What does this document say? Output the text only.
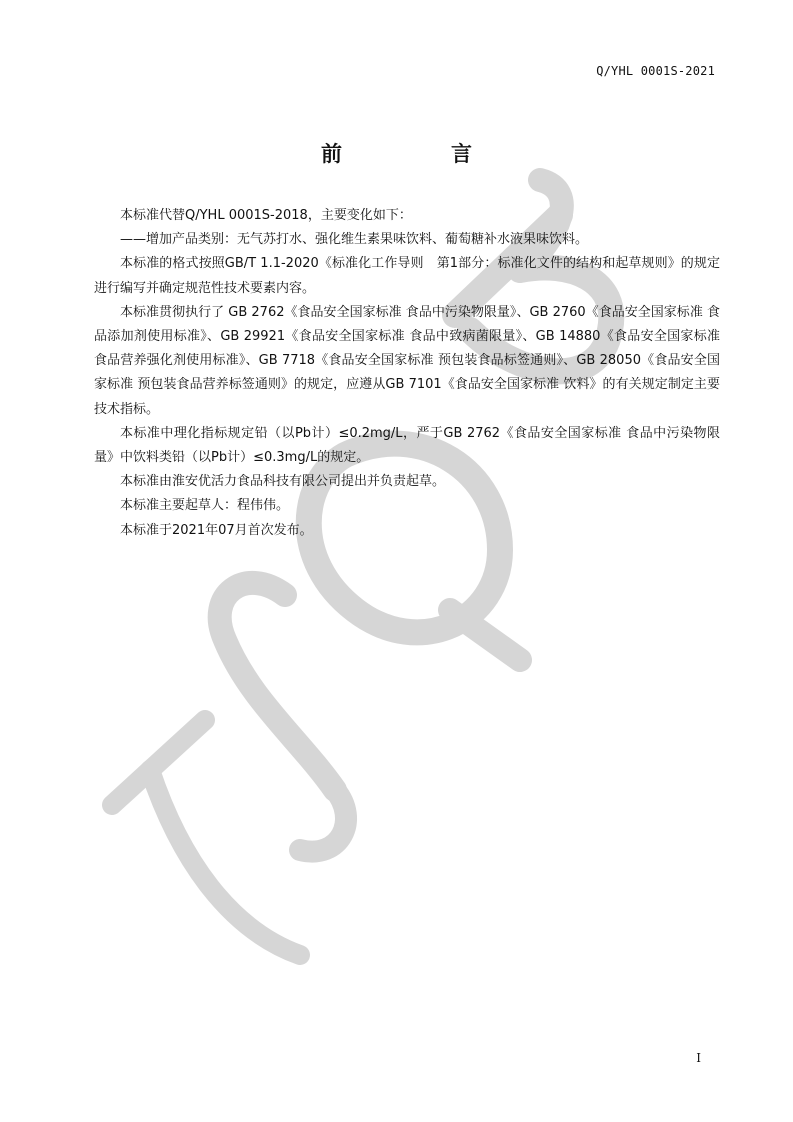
Q/YHL 0001S-2021
前　言

本标准代替Q/YHL 0001S-2018，主要变化如下：

——增加产品类别：无气苏打水、强化维生素果味饮料、葡萄糖补水液果味饮料。

本标准的格式按照GB/T 1.1-2020《标准化工作导则　第1部分：标准化文件的结构和起草规则》的规定进行编写并确定规范性技术要素内容。

本标准贯彻执行了 GB 2762《食品安全国家标准 食品中污染物限量》、GB 2760《食品安全国家标准 食品添加剂使用标准》、GB 29921《食品安全国家标准 食品中致病菌限量》、GB 14880《食品安全国家标准 食品营养强化剂使用标准》、GB 7718《食品安全国家标准 预包装食品标签通则》、GB 28050《食品安全国家标准 预包装食品营养标签通则》的规定，应遵从GB 7101《食品安全国家标准 饮料》的有关规定制定主要技术指标。

本标准中理化指标规定铅（以Pb计）≤0.2mg/L，严于GB 2762《食品安全国家标准 食品中污染物限量》中饮料类铅（以Pb计）≤0.3mg/L的规定。

本标准由淮安优活力食品科技有限公司提出并负责起草。

本标准主要起草人：程伟伟。

本标准于2021年07月首次发布。

I
